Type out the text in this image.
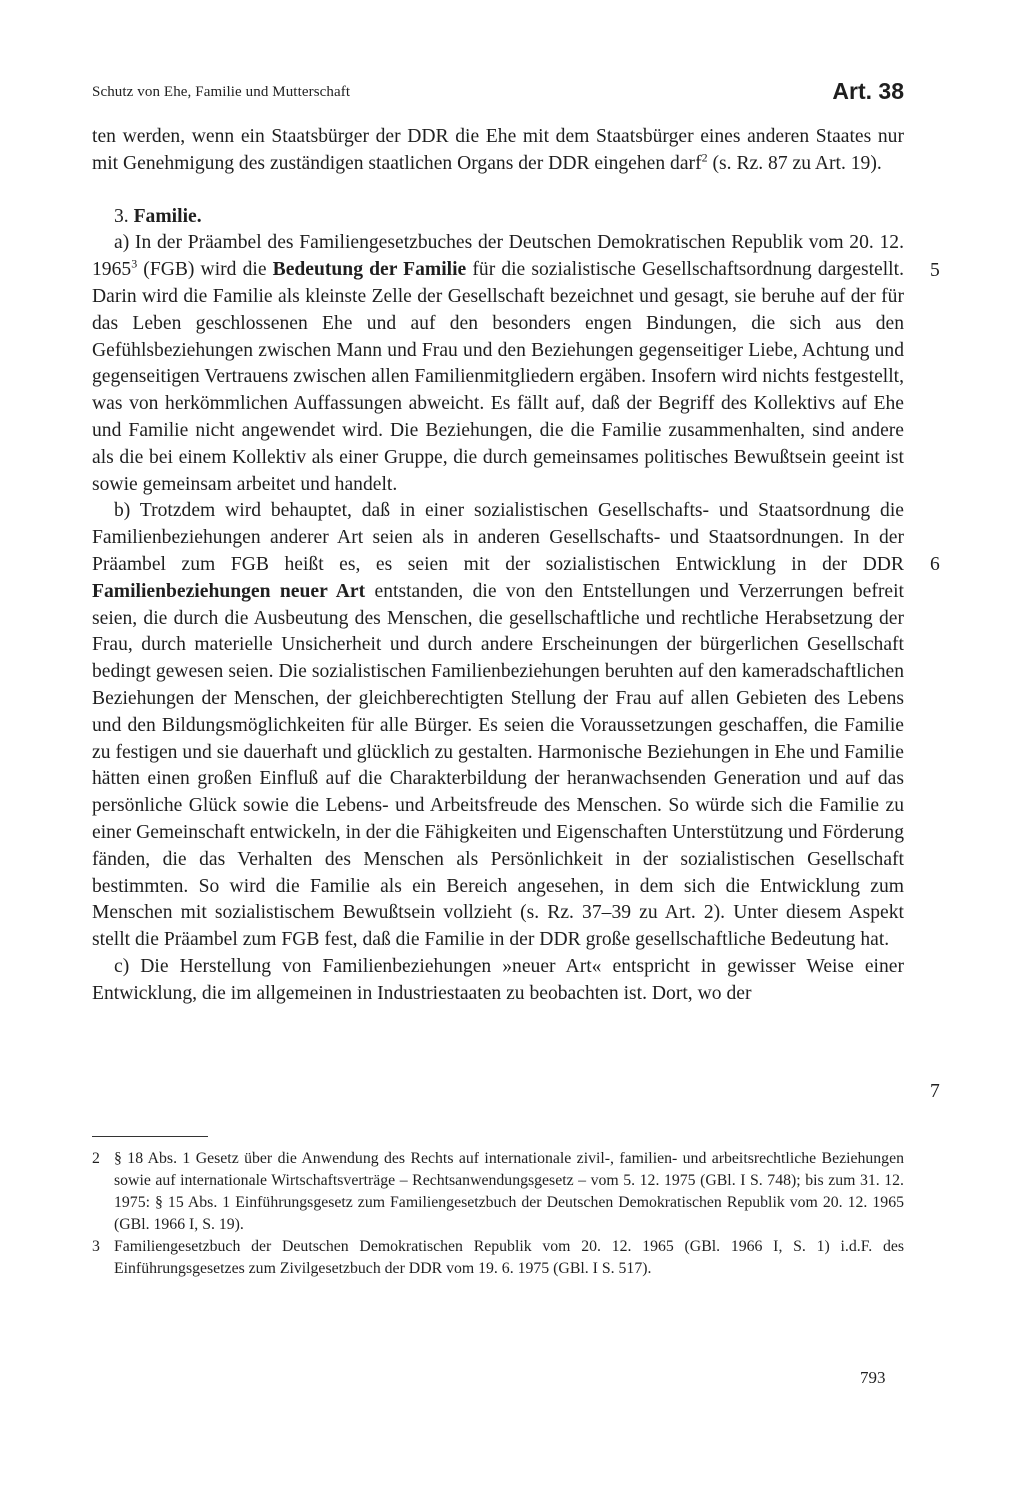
Schutz von Ehe, Familie und Mutterschaft	Art. 38

ten werden, wenn ein Staatsbürger der DDR die Ehe mit dem Staatsbürger eines anderen Staates nur mit Genehmigung des zuständigen staatlichen Organs der DDR eingehen darf$^2$ (s. Rz. 87 zu Art. 19).

3. Familie.

a) In der Präambel des Familiengesetzbuches der Deutschen Demokratischen Republik vom 20. 12. 1965$^3$ (FGB) wird die Bedeutung der Familie für die sozialistische Gesellschaftsordnung dargestellt. Darin wird die Familie als kleinste Zelle der Gesellschaft bezeichnet und gesagt, sie beruhe auf der für das Leben geschlossenen Ehe und auf den besonders engen Bindungen, die sich aus den Gefühlsbeziehungen zwischen Mann und Frau und den Beziehungen gegenseitiger Liebe, Achtung und gegenseitigen Vertrauens zwischen allen Familienmitgliedern ergäben. Insofern wird nichts festgestellt, was von herkömmlichen Auffassungen abweicht. Es fällt auf, daß der Begriff des Kollektivs auf Ehe und Familie nicht angewendet wird. Die Beziehungen, die die Familie zusammenhalten, sind andere als die bei einem Kollektiv als einer Gruppe, die durch gemeinsames politisches Bewußtsein geeint ist sowie gemeinsam arbeitet und handelt.

b) Trotzdem wird behauptet, daß in einer sozialistischen Gesellschafts- und Staatsordnung die Familienbeziehungen anderer Art seien als in anderen Gesellschafts- und Staatsordnungen. In der Präambel zum FGB heißt es, es seien mit der sozialistischen Entwicklung in der DDR Familienbeziehungen neuer Art entstanden, die von den Entstellungen und Verzerrungen befreit seien, die durch die Ausbeutung des Menschen, die gesellschaftliche und rechtliche Herabsetzung der Frau, durch materielle Unsicherheit und durch andere Erscheinungen der bürgerlichen Gesellschaft bedingt gewesen seien. Die sozialistischen Familienbeziehungen beruhten auf den kameradschaftlichen Beziehungen der Menschen, der gleichberechtigten Stellung der Frau auf allen Gebieten des Lebens und den Bildungsmöglichkeiten für alle Bürger. Es seien die Voraussetzungen geschaffen, die Familie zu festigen und sie dauerhaft und glücklich zu gestalten. Harmonische Beziehungen in Ehe und Familie hätten einen großen Einfluß auf die Charakterbildung der heranwachsenden Generation und auf das persönliche Glück sowie die Lebens- und Arbeitsfreude des Menschen. So würde sich die Familie zu einer Gemeinschaft entwickeln, in der die Fähigkeiten und Eigenschaften Unterstützung und Förderung fänden, die das Verhalten des Menschen als Persönlichkeit in der sozialistischen Gesellschaft bestimmten. So wird die Familie als ein Bereich angesehen, in dem sich die Entwicklung zum Menschen mit sozialistischem Bewußtsein vollzieht (s. Rz. 37–39 zu Art. 2). Unter diesem Aspekt stellt die Präambel zum FGB fest, daß die Familie in der DDR große gesellschaftliche Bedeutung hat.

c) Die Herstellung von Familienbeziehungen »neuer Art« entspricht in gewisser Weise einer Entwicklung, die im allgemeinen in Industriestaaten zu beobachten ist. Dort, wo der

5
6
7

2 § 18 Abs. 1 Gesetz über die Anwendung des Rechts auf internationale zivil-, familien- und arbeitsrechtliche Beziehungen sowie auf internationale Wirtschaftsverträge – Rechtsanwendungsgesetz – vom 5. 12. 1975 (GBl. I S. 748); bis zum 31. 12. 1975: § 15 Abs. 1 Einführungsgesetz zum Familiengesetzbuch der Deutschen Demokratischen Republik vom 20. 12. 1965 (GBl. 1966 I, S. 19).

3 Familiengesetzbuch der Deutschen Demokratischen Republik vom 20. 12. 1965 (GBl. 1966 I, S. 1) i.d.F. des Einführungsgesetzes zum Zivilgesetzbuch der DDR vom 19. 6. 1975 (GBl. I S. 517).

793
